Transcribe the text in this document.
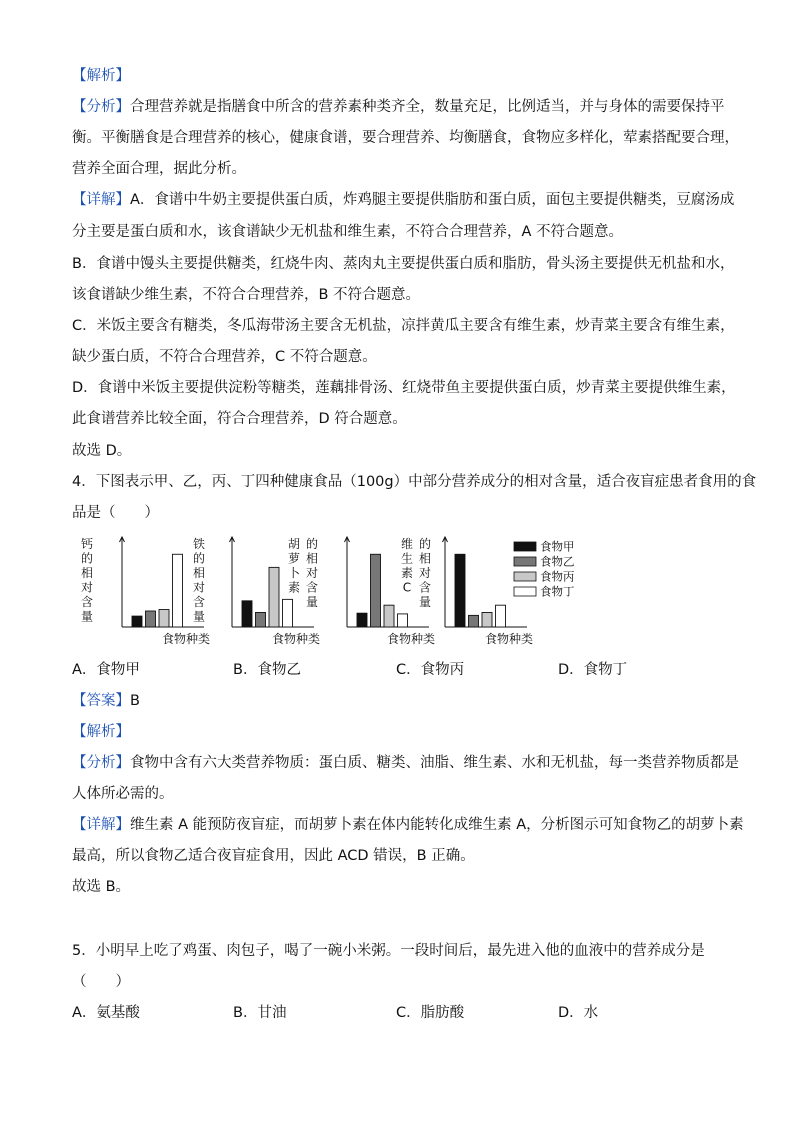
【解析】
【分析】合理营养就是指膳食中所含的营养素种类齐全，数量充足，比例适当，并与身体的需要保持平
衡。平衡膳食是合理营养的核心，健康食谱，要合理营养、均衡膳食，食物应多样化，荤素搭配要合理，
营养全面合理，据此分析。
【详解】A．食谱中牛奶主要提供蛋白质，炸鸡腿主要提供脂肪和蛋白质，面包主要提供糖类，豆腐汤成
分主要是蛋白质和水，该食谱缺少无机盐和维生素，不符合合理营养，A 不符合题意。
B．食谱中馒头主要提供糖类，红烧牛肉、蒸肉丸主要提供蛋白质和脂肪，骨头汤主要提供无机盐和水，
该食谱缺少维生素，不符合合理营养，B 不符合题意。
C．米饭主要含有糖类，冬瓜海带汤主要含无机盐，凉拌黄瓜主要含有维生素，炒青菜主要含有维生素，
缺少蛋白质，不符合合理营养，C 不符合题意。
D．食谱中米饭主要提供淀粉等糖类，莲藕排骨汤、红烧带鱼主要提供蛋白质，炒青菜主要提供维生素，
此食谱营养比较全面，符合合理营养，D 符合题意。
故选 D。
4．下图表示甲、乙，丙、丁四种健康食品（100g）中部分营养成分的相对含量，适合夜盲症患者食用的食
品是（　　）
钙
的
相
对
含
量
食物种类
铁
的
相
对
含
量
食物种类
胡
萝
卜
素
的
相
对
含
量
食物种类
维
生
素
C
的
相
对
含
量
食物种类
食物甲
食物乙
食物丙
食物丁
A．食物甲	B．食物乙	C．食物丙	D．食物丁
【答案】B
【解析】
【分析】食物中含有六大类营养物质：蛋白质、糖类、油脂、维生素、水和无机盐，每一类营养物质都是
人体所必需的。
【详解】维生素 A 能预防夜盲症，而胡萝卜素在体内能转化成维生素 A，分析图示可知食物乙的胡萝卜素
最高，所以食物乙适合夜盲症食用，因此 ACD 错误，B 正确。
故选 B。
5．小明早上吃了鸡蛋、肉包子，喝了一碗小米粥。一段时间后，最先进入他的血液中的营养成分是
（　　）
A．氨基酸	B．甘油	C．脂肪酸	D．水
